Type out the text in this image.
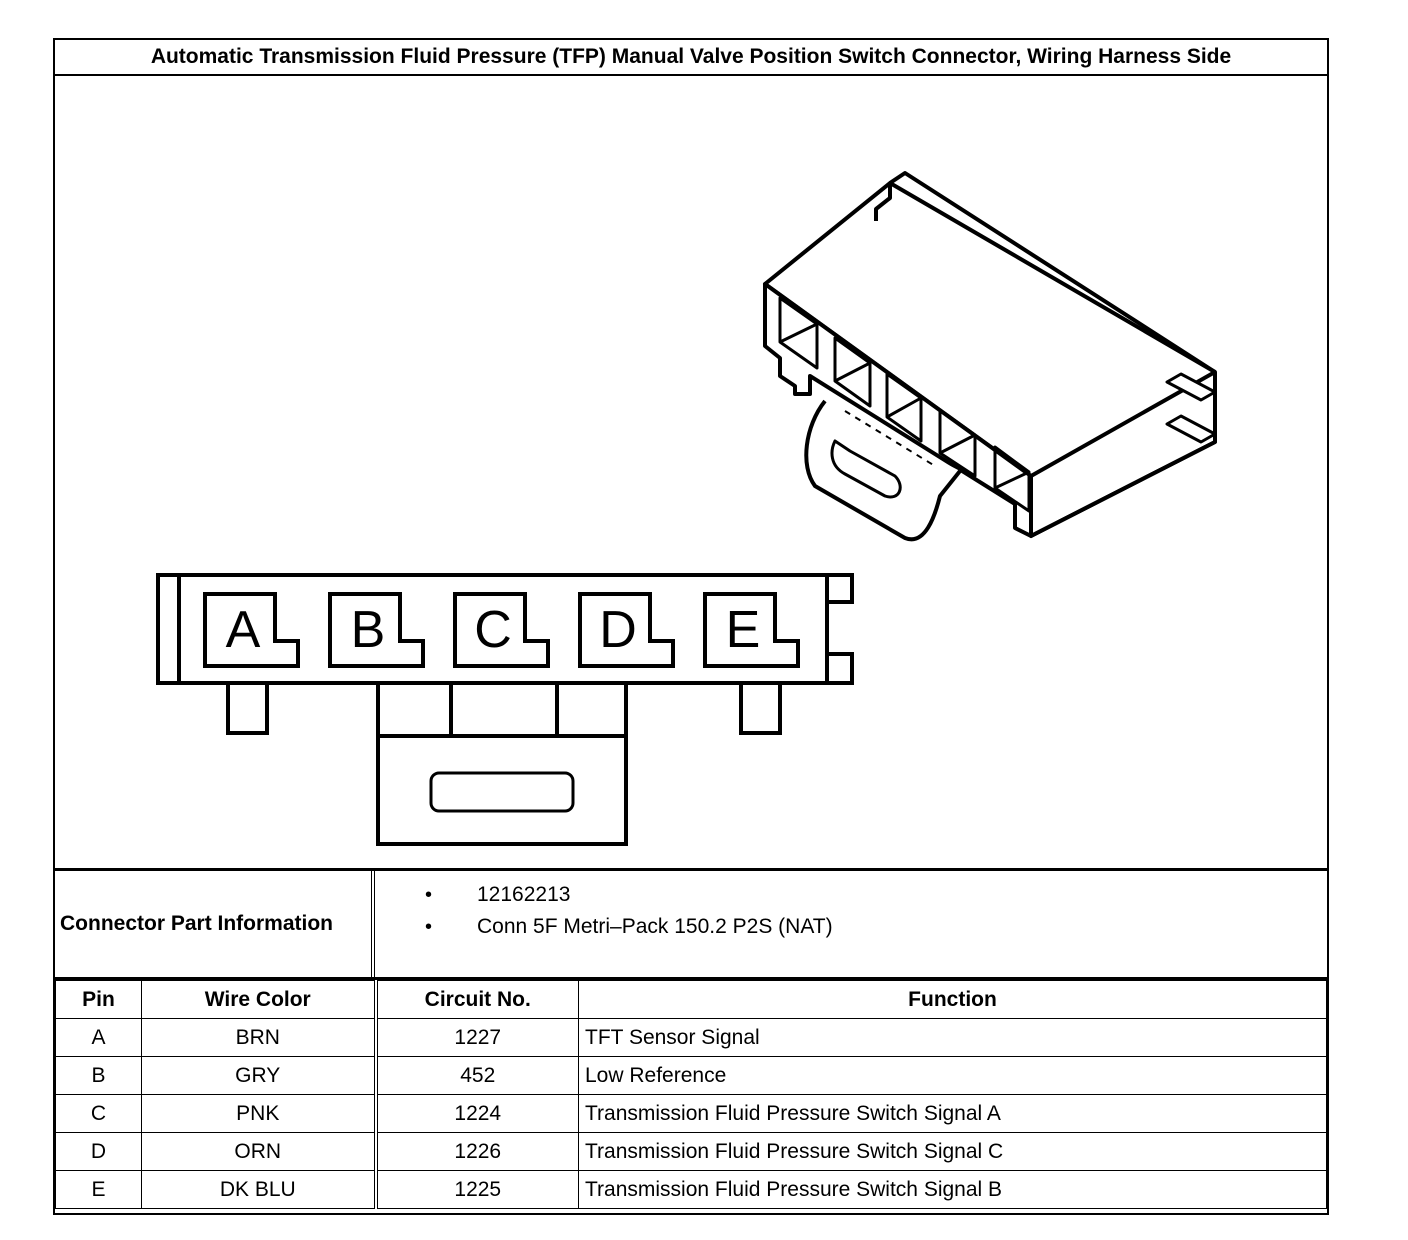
Automatic Transmission Fluid Pressure (TFP) Manual Valve Position Switch Connector, Wiring Harness Side
A B C D E
Connector Part Information
• 12162213
• Conn 5F Metri–Pack 150.2 P2S (NAT)
Pin	Wire Color	Circuit No.	Function
A	BRN	1227	TFT Sensor Signal
B	GRY	452	Low Reference
C	PNK	1224	Transmission Fluid Pressure Switch Signal A
D	ORN	1226	Transmission Fluid Pressure Switch Signal C
E	DK BLU	1225	Transmission Fluid Pressure Switch Signal B
